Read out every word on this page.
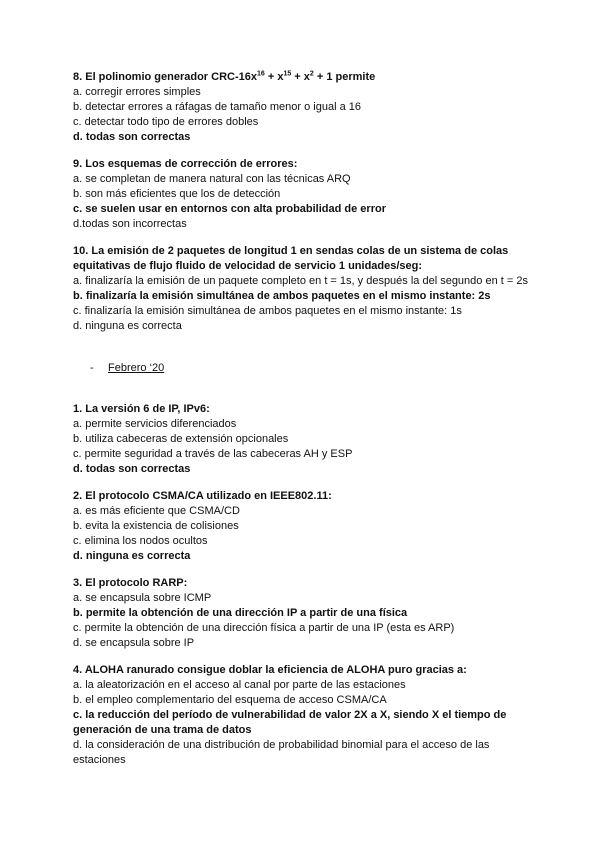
8. El polinomio generador CRC-$16x^{16} + x^{15} + x^2 + 1$ permite
a. corregir errores simples
b. detectar errores a ráfagas de tamaño menor o igual a 16
c. detectar todo tipo de errores dobles
d. todas son correctas
9. Los esquemas de corrección de errores:
a. se completan de manera natural con las técnicas ARQ
b. son más eficientes que los de detección
c. se suelen usar en entornos con alta probabilidad de error
d.todas son incorrectas
10. La emisión de 2 paquetes de longitud 1 en sendas colas de un sistema de colas equitativas de flujo fluido de velocidad de servicio 1 unidades/seg:
a. finalizaría la emisión de un paquete completo en t = 1s, y después la del segundo en t = 2s
b. finalizaría la emisión simultánea de ambos paquetes en el mismo instante: 2s
c. finalizaría la emisión simultánea de ambos paquetes en el mismo instante: 1s
d. ninguna es correcta
- Febrero ‘20
1. La versión 6 de IP, IPv6:
a. permite servicios diferenciados
b. utiliza cabeceras de extensión opcionales
c. permite seguridad a través de las cabeceras AH y ESP
d. todas son correctas
2. El protocolo CSMA/CA utilizado en IEEE802.11:
a. es más eficiente que CSMA/CD
b. evita la existencia de colisiones
c. elimina los nodos ocultos
d. ninguna es correcta
3. El protocolo RARP:
a. se encapsula sobre ICMP
b. permite la obtención de una dirección IP a partir de una física
c. permite la obtención de una dirección física a partir de una IP (esta es ARP)
d. se encapsula sobre IP
4. ALOHA ranurado consigue doblar la eficiencia de ALOHA puro gracias a:
a. la aleatorización en el acceso al canal por parte de las estaciones
b. el empleo complementario del esquema de acceso CSMA/CA
c. la reducción del período de vulnerabilidad de valor 2X a X, siendo X el tiempo de generación de una trama de datos
d. la consideración de una distribución de probabilidad binomial para el acceso de las estaciones
